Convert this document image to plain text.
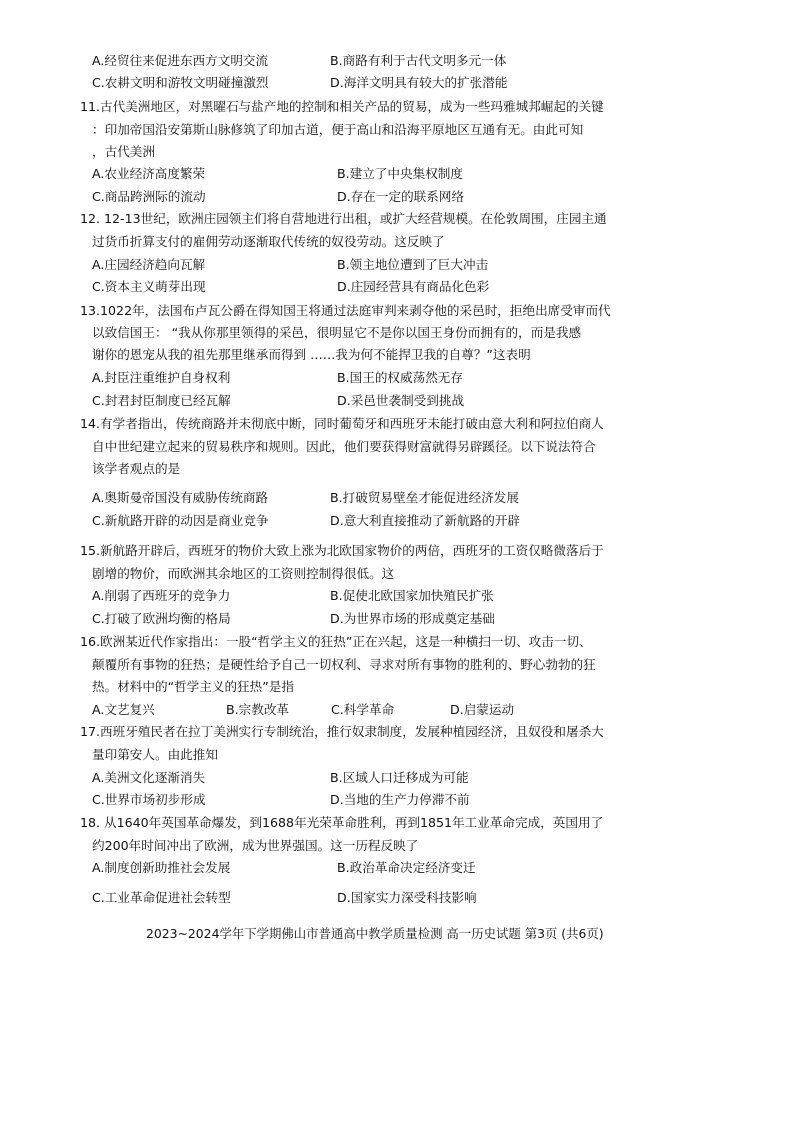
A.经贸往来促进东西方文明交流	B.商路有利于古代文明多元一体
C.农耕文明和游牧文明碰撞激烈	D.海洋文明具有较大的扩张潜能
11.古代美洲地区，对黑曜石与盐产地的控制和相关产品的贸易，成为一些玛雅城邦崛起的关键
：印加帝国沿安第斯山脉修筑了印加古道，便于高山和沿海平原地区互通有无。由此可知
，古代美洲
A.农业经济高度繁荣	B.建立了中央集权制度
C.商品跨洲际的流动	D.存在一定的联系网络
12. 12-13世纪，欧洲庄园领主们将自营地进行出租，或扩大经营规模。在伦敦周围，庄园主通
过货币折算支付的雇佣劳动逐渐取代传统的奴役劳动。这反映了
A.庄园经济趋向瓦解	B.领主地位遭到了巨大冲击
C.资本主义萌芽出现	D.庄园经营具有商品化色彩
13.1022年，法国布卢瓦公爵在得知国王将通过法庭审判来剥夺他的采邑时，拒绝出席受审而代
以致信国王： “我从你那里领得的采邑，很明显它不是你以国王身份而拥有的，而是我感
谢你的恩宠从我的祖先那里继承而得到 ……我为何不能捍卫我的自尊？”这表明
A.封臣注重维护自身权利	B.国王的权威荡然无存
C.封君封臣制度已经瓦解	D.采邑世袭制受到挑战
14.有学者指出，传统商路并未彻底中断，同时葡萄牙和西班牙未能打破由意大利和阿拉伯商人
自中世纪建立起来的贸易秩序和规则。因此，他们要获得财富就得另辟蹊径。以下说法符合
该学者观点的是
A.奥斯曼帝国没有威胁传统商路	B.打破贸易壁垒才能促进经济发展
C.新航路开辟的动因是商业竞争	D.意大利直接推动了新航路的开辟
15.新航路开辟后，西班牙的物价大致上涨为北欧国家物价的两倍，西班牙的工资仅略微落后于
剧增的物价，而欧洲其余地区的工资则控制得很低。这
A.削弱了西班牙的竞争力	B.促使北欧国家加快殖民扩张
C.打破了欧洲均衡的格局	D.为世界市场的形成奠定基础
16.欧洲某近代作家指出：一股“哲学主义的狂热”正在兴起，这是一种横扫一切、攻击一切、
颠覆所有事物的狂热；是硬性给予自己一切权利、寻求对所有事物的胜利的、野心勃勃的狂
热。材料中的“哲学主义的狂热”是指
A.文艺复兴	B.宗教改革	C.科学革命	D.启蒙运动
17.西班牙殖民者在拉丁美洲实行专制统治，推行奴隶制度，发展种植园经济，且奴役和屠杀大
量印第安人。由此推知
A.美洲文化逐渐消失	B.区域人口迁移成为可能
C.世界市场初步形成	D.当地的生产力停滞不前
18. 从1640年英国革命爆发，到1688年光荣革命胜利，再到1851年工业革命完成，英国用了
约200年时间冲出了欧洲，成为世界强国。这一历程反映了
A.制度创新助推社会发展	B.政治革命决定经济变迁
C.工业革命促进社会转型	D.国家实力深受科技影响
2023~2024学年下学期佛山市普通高中教学质量检测 高一历史试题 第3页 (共6页)
